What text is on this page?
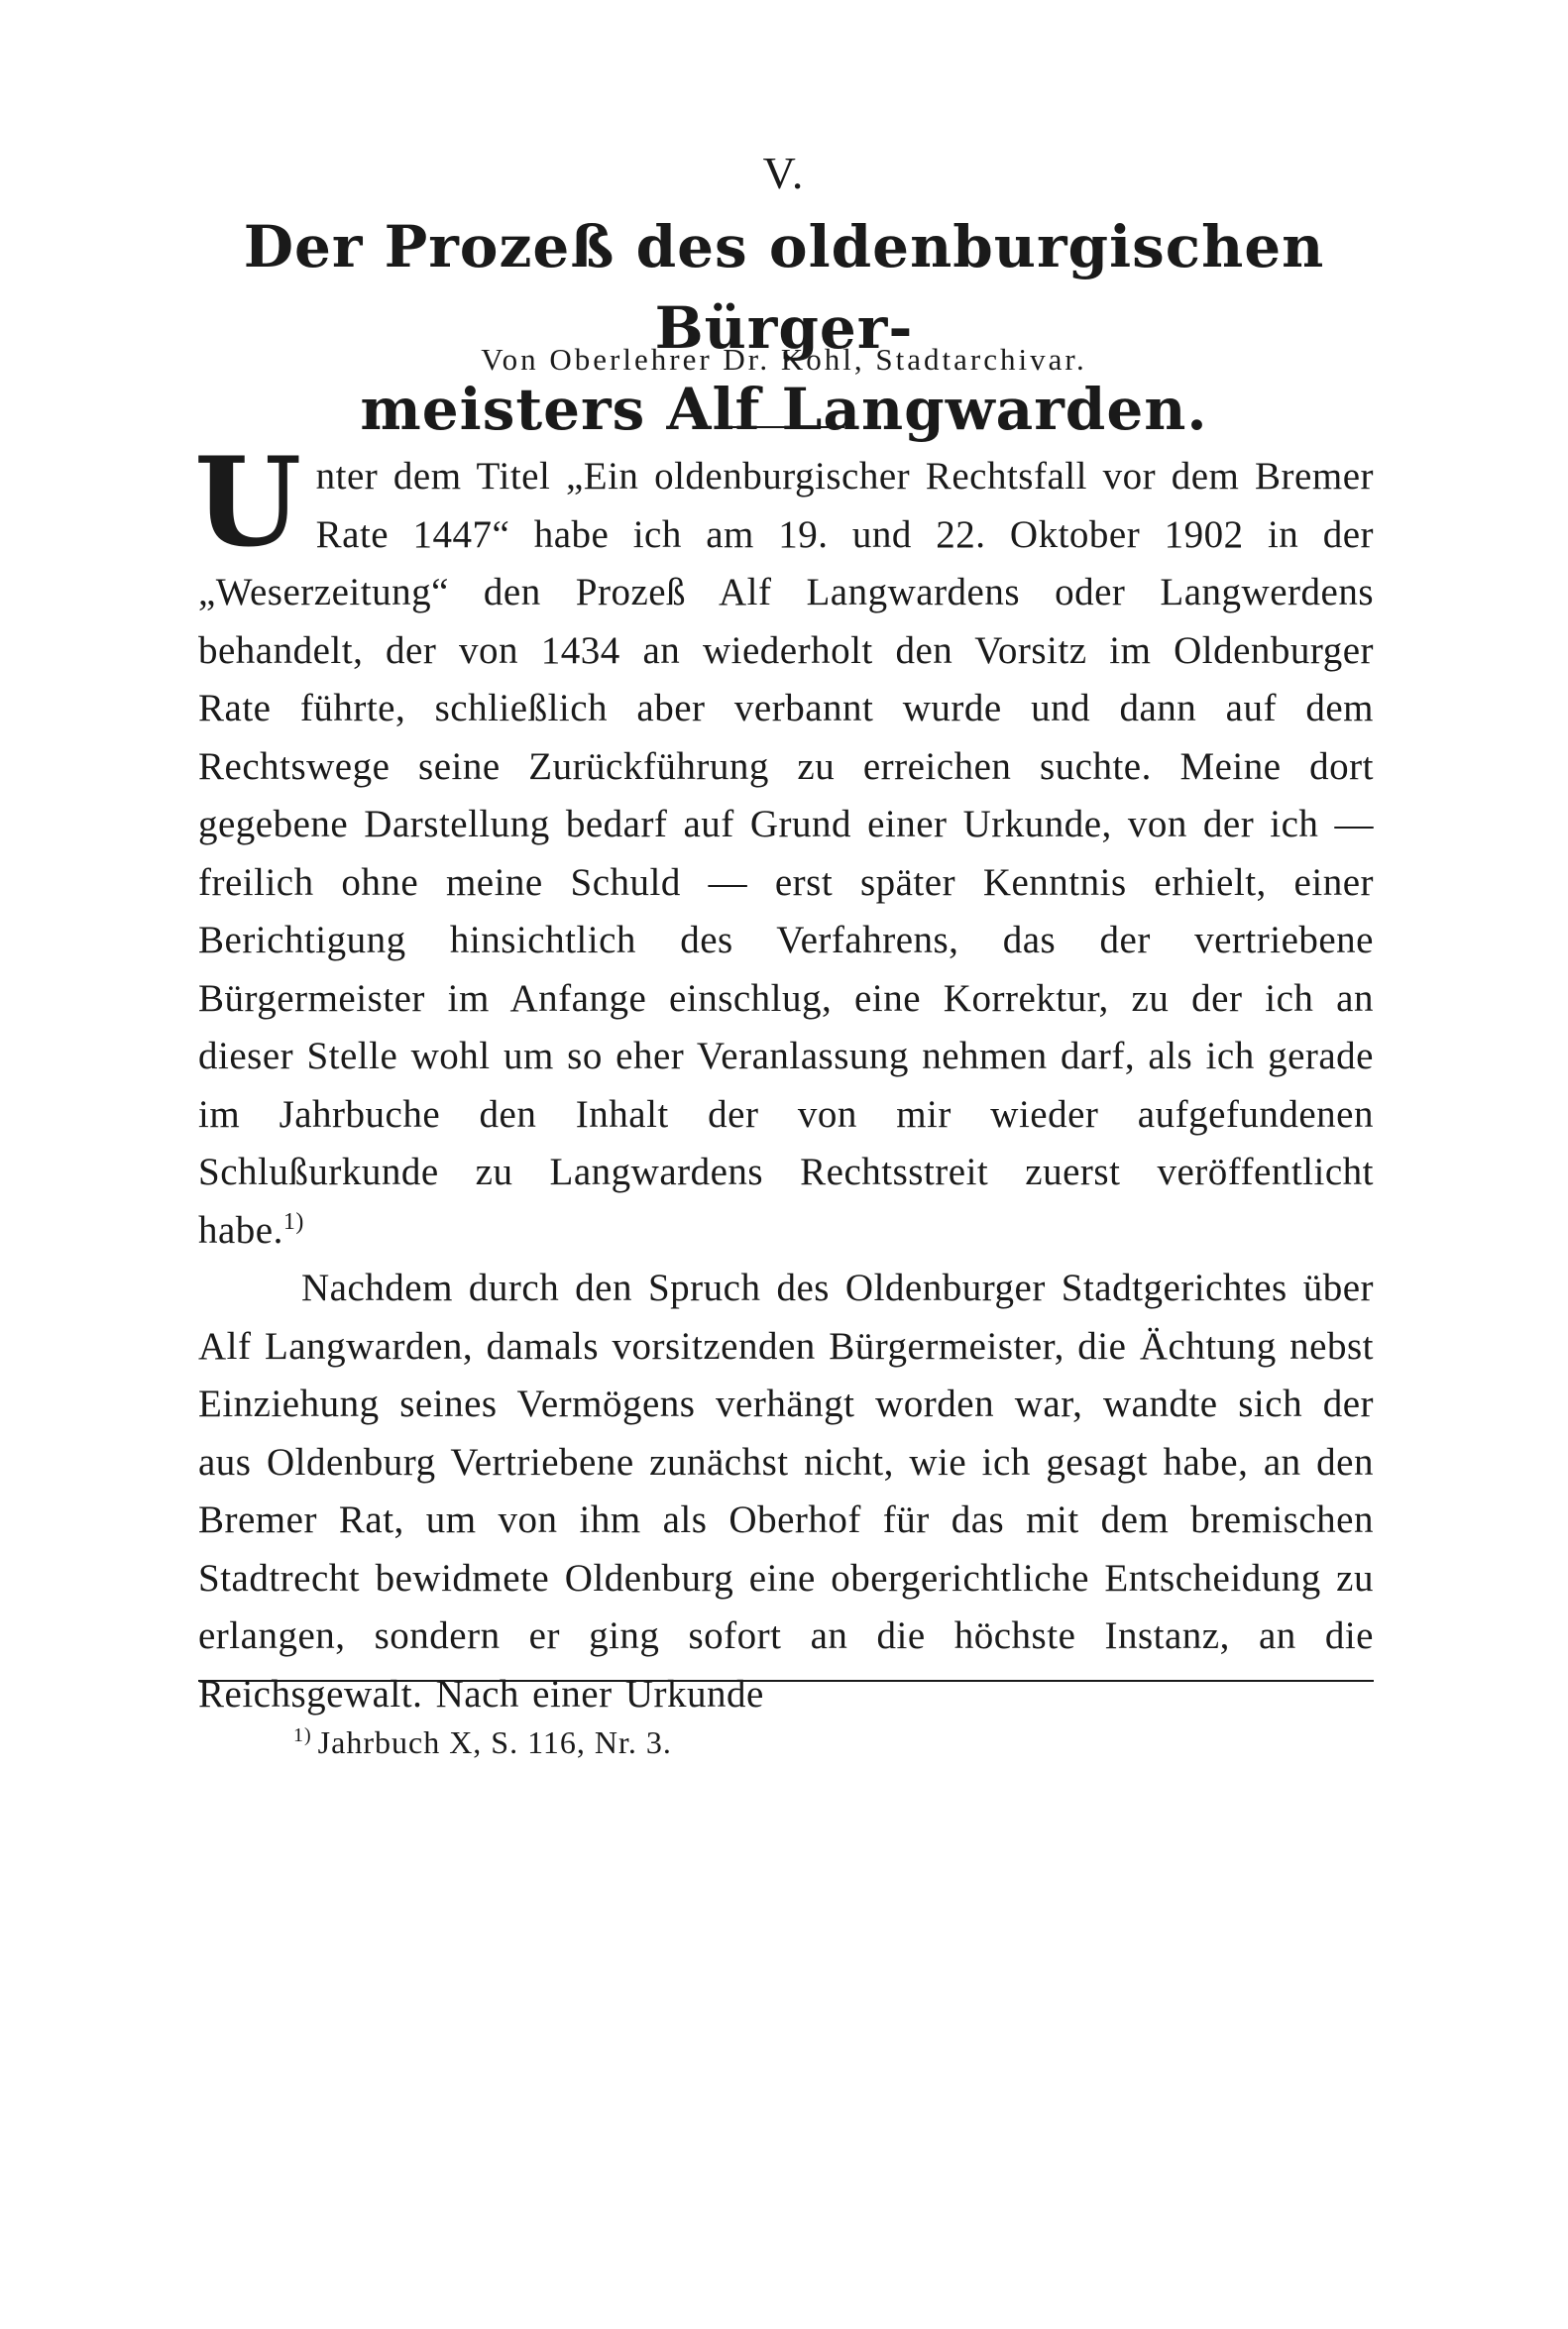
V.
Der Prozeß des oldenburgischen Bürger-
meisters Alf Langwarden.
Von Oberlehrer Dr. Kohl, Stadtarchivar.

Unter dem Titel „Ein oldenburgischer Rechtsfall vor dem Bremer Rate 1447“ habe ich am 19. und 22. Oktober 1902 in der „Weserzeitung“ den Prozeß Alf Langwardens oder Langwerdens behandelt, der von 1434 an wiederholt den Vorsitz im Oldenburger Rate führte, schließlich aber verbannt wurde und dann auf dem Rechtswege seine Zurückführung zu erreichen suchte. Meine dort gegebene Darstellung bedarf auf Grund einer Urkunde, von der ich — freilich ohne meine Schuld — erst später Kenntnis erhielt, einer Berichtigung hinsichtlich des Verfahrens, das der vertriebene Bürgermeister im Anfange einschlug, eine Korrektur, zu der ich an dieser Stelle wohl um so eher Veranlassung nehmen darf, als ich gerade im Jahrbuche den Inhalt der von mir wieder aufgefundenen Schlußurkunde zu Langwardens Rechtsstreit zuerst veröffentlicht habe.$^{1)}$

Nachdem durch den Spruch des Oldenburger Stadtgerichtes über Alf Langwarden, damals vorsitzenden Bürgermeister, die Ächtung nebst Einziehung seines Vermögens verhängt worden war, wandte sich der aus Oldenburg Vertriebene zunächst nicht, wie ich gesagt habe, an den Bremer Rat, um von ihm als Oberhof für das mit dem bremischen Stadtrecht bewidmete Oldenburg eine obergerichtliche Entscheidung zu erlangen, sondern er ging sofort an die höchste Instanz, an die Reichsgewalt. Nach einer Urkunde

$^{1)}$ Jahrbuch X, S. 116, Nr. 3.
